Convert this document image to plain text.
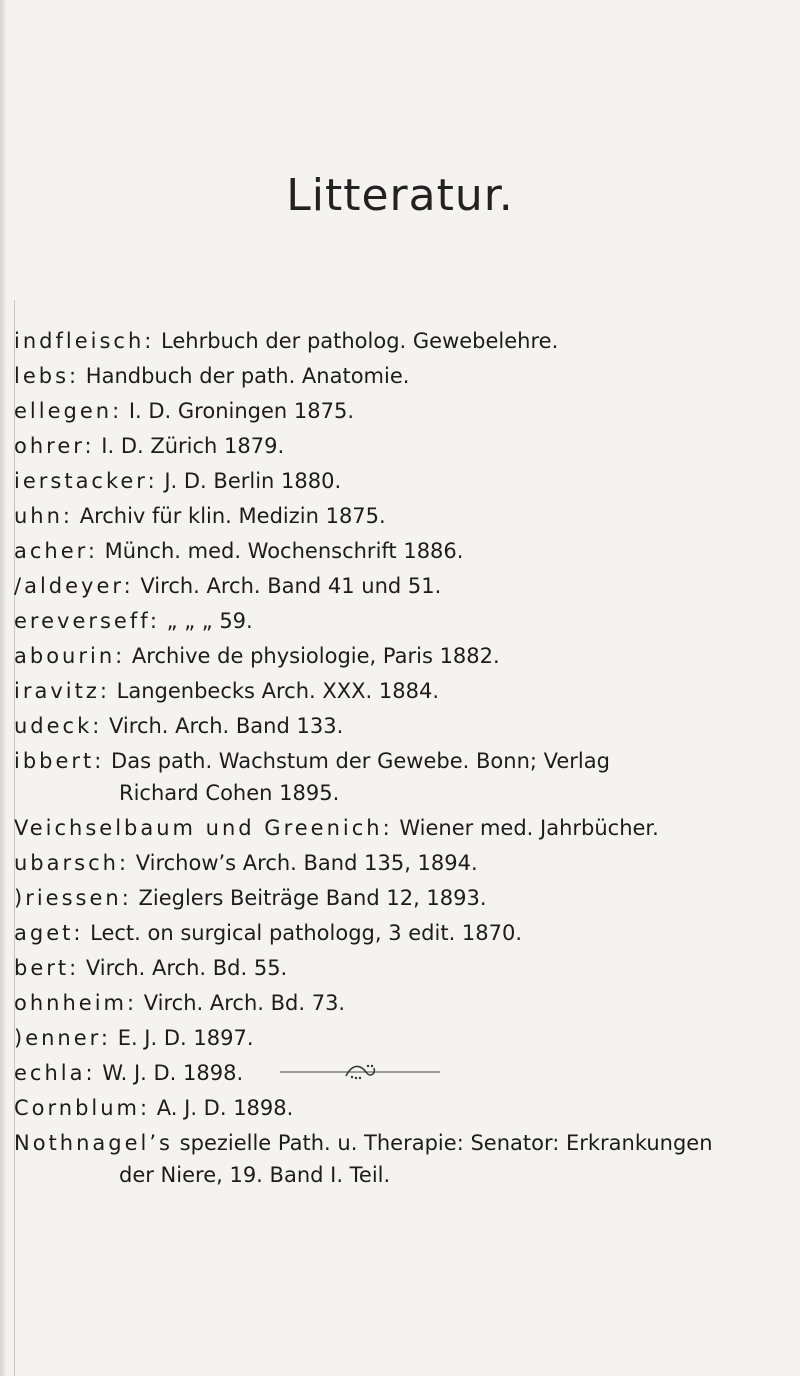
Litteratur.
indfleisch: Lehrbuch der patholog. Gewebelehre.
lebs: Handbuch der path. Anatomie.
ellegen: I. D. Groningen 1875.
ohrer: I. D. Zürich 1879.
ierstacker: J. D. Berlin 1880.
uhn: Archiv für klin. Medizin 1875.
acher: Münch. med. Wochenschrift 1886.
/aldeyer: Virch. Arch. Band 41 und 51.
ereverseff: „ „ „ 59.
abourin: Archive de physiologie, Paris 1882.
iravitz: Langenbecks Arch. XXX. 1884.
udeck: Virch. Arch. Band 133.
ibbert: Das path. Wachstum der Gewebe. Bonn; Verlag
Richard Cohen 1895.
Veichselbaum und Greenich: Wiener med. Jahrbücher.
ubarsch: Virchow’s Arch. Band 135, 1894.
)riessen: Zieglers Beiträge Band 12, 1893.
aget: Lect. on surgical pathologg, 3 edit. 1870.
bert: Virch. Arch. Bd. 55.
ohnheim: Virch. Arch. Bd. 73.
)enner: E. J. D. 1897.
echla: W. J. D. 1898.
Cornblum: A. J. D. 1898.
Nothnagel’s spezielle Path. u. Therapie: Senator: Erkrankungen
der Niere, 19. Band I. Teil.
